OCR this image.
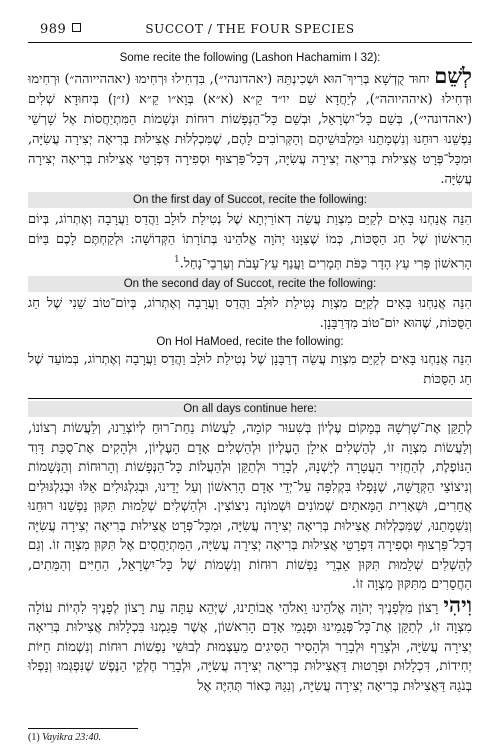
989	SUCCOT / THE FOUR SPECIES
Some recite the following (Lashon Hachamim I 32):

לְשֵׁם יִחוּד קֻדְשָׁא בְּרִיךְ־הוּא וּשְׁכִינְתֵּהּ (יאהדונהי״), בִּדְחִילוּ וּרְחִימוּ (יאההייוהה״) וּרְחִימוּ וּדְחִילוּ (איההיוהה״), לְיַחֲדָא שֵׁם יו״ד קֵ״א (א״א) בְּוָא״ו קֵ״א (ז״ן) בְּיִחוּדָא שְׁלִים (יאהדונהי״), בְּשֵׁם כָּל־יִשְׂרָאֵל, וּבְשֵׁם כָּל־הַנְּפָשׁוֹת רוּחוֹת וּנְשָׁמוֹת הַמִּתְיַחֲסוֹת אֶל שָׁרְשֵׁי נַפְשֵׁנוּ רוּחֵנוּ וְנִשְׁמָתֵנוּ וּמַלְבּוּשֵׁיהֶם וְהַקְּרוֹבִים לָהֶם, שֶׁמִּכְלְלוּת אֲצִילוּת בְּרִיאָה יְצִירָה עֲשִׂיָּה, וּמִכָּל־פְּרָט אֲצִילוּת בְּרִיאָה יְצִירָה עֲשִׂיָּה, דְּכָל־פַּרְצוּף וּסְפִירָה דִּפְרָטֵי אֲצִילוּת בְּרִיאָה יְצִירָה עֲשִׂיָּה.

On the first day of Succot, recite the following:

הִנֵּה אֲנַחְנוּ בָּאִים לְקַיֵּם מִצְוַת עֲשֵׂה דְאוֹרַיְתָא שֶׁל נְטִילַת לוּלָב וַהֲדַס וַעֲרָבָה וְאֶתְרוֹג, בְּיוֹם הָרִאשׁוֹן שֶׁל חַג הַסֻּכּוֹת, כְּמוֹ שֶׁצִּוָּנוּ יְהֹוָה אֱלֹהֵינוּ בְּתוֹרָתוֹ הַקְּדוֹשָׁה: וּלְקַחְתֶּם לָכֶם בַּיּוֹם הָרִאשׁוֹן פְּרִי עֵץ הָדָר כַּפֹּת תְּמָרִים וַעֲנַף עֵץ־עָבֹת וְעַרְבֵי־נָחַל.$^1$

On the second day of Succot, recite the following:

הִנֵּה אֲנַחְנוּ בָּאִים לְקַיֵּם מִצְוַת נְטִילַת לוּלָב וַהֲדַס וַעֲרָבָה וְאֶתְרוֹג, בְּיוֹם־טוֹב שֵׁנִי שֶׁל חַג הַסֻּכּוֹת, שֶׁהוּא יוֹם־טוֹב מִדְּרַבָּנָן.

On Hol HaMoed, recite the following:

הִנֵּה אֲנַחְנוּ בָּאִים לְקַיֵּם מִצְוַת עֲשֵׂה דְרַבָּנָן שֶׁל נְטִילַת לוּלָב וַהֲדַס וַעֲרָבָה וְאֶתְרוֹג, בְּמוֹעֵד שֶׁל חַג הַסֻּכּוֹת

On all days continue here:

לְתַקֵּן אֶת־שָׁרְשָׁהּ בְּמָקוֹם עֶלְיוֹן בְּשִׁעוּר קוֹמָה, לַעֲשׂוֹת נַחַת־רוּחַ לְיוֹצְרֵנוּ, וְלַעֲשׂוֹת רְצוֹנוֹ, וְלַעֲשׂוֹת מִצְוָה זוֹ, לְהַשְׁלִים אִילָן הָעֶלְיוֹן וּלְהַשְׁלִים אָדָם הָעֶלְיוֹן, וּלְהָקִים אֶת־סֻכַּת דָּוִד הַנּוֹפֶלֶת, לְהַחֲזִיר הָעֲטָרָה לְיָשְׁנָהּ, לְבָרֵר וּלְתַקֵּן וּלְהַעֲלוֹת כָּל־הַנְּפָשׁוֹת וְהָרוּחוֹת וְהַנְּשָׁמוֹת וְנִיצוֹצֵי הַקְּדֻשָּׁה, שֶׁנָּפְלוּ בִּקְלִפָּה עַל־יְדֵי אָדָם הָרִאשׁוֹן וְעַל יָדֵינוּ, וּבְגִלְגּוּלִים אֵלּוּ וּבְגִלְגּוּלִים אֲחֵרִים, וּשְׁאָרִית הַמָּאתַיִם שְׁמוֹנִים וּשְׁמוֹנָה נִיצוֹצִין. וּלְהַשְׁלִים שְׁלֵמוּת תִּקּוּן נַפְשֵׁנוּ רוּחֵנוּ וְנִשְׁמָתֵנוּ, שֶׁמִּכְּלְלוּת אֲצִילוּת בְּרִיאָה יְצִירָה עֲשִׂיָּה, וּמִכָּל־פְּרָט אֲצִילוּת בְּרִיאָה יְצִירָה עֲשִׂיָּה דְּכָל־פַּרְצוּף וּסְפִירָה דִּפְרָטֵי אֲצִילוּת בְּרִיאָה יְצִירָה עֲשִׂיָּה, הַמִּתְיַחֲסִים אֶל תִּקּוּן מִצְוָה זוֹ. וְגַם לְהַשְׁלִים שְׁלֵמוּת תִּקּוּן אֵבְרֵי נַפְשׁוֹת רוּחוֹת וְנִשְׁמוֹת שֶׁל כָּל־יִשְׂרָאֵל, הַחַיִּים וְהַמֵּתִים, הַחֲסֵרִים מִתִּקּוּן מִצְוָה זוֹ.

וִיהִי רָצוֹן מִלְּפָנֶיךָ יְהֹוָה אֱלֹהֵינוּ וֵאלֹהֵי אֲבוֹתֵינוּ, שֶׁיְּהֵא עַתָּה עֵת רָצוֹן לְפָנֶיךָ לִהְיוֹת עוֹלָה מִצְוָה זוֹ, לְתַקֵּן אֶת־כָּל־פְּגָמֵינוּ וּפְגָמֵי אָדָם הָרִאשׁוֹן, אֲשֶׁר פָּגַמְנוּ בִּכְלָלוּת אֲצִילוּת בְּרִיאָה יְצִירָה עֲשִׂיָּה, וּלְצָרֵף וּלְבָרֵר וּלְהָסִיר הַסִּיגִים מֵעַצְמוּת לְבוּשֵׁי נַפְשׁוֹת רוּחוֹת וְנִשְׁמוֹת חַיּוֹת יְחִידוֹת, דִּכְלָלוּת וּפְרָטוּת דַּאֲצִילוּת בְּרִיאָה יְצִירָה עֲשִׂיָּה, וּלְבָרֵר חֶלְקֵי הַנֶּפֶשׁ שֶׁנִּפְגְּמוּ וְנָפְלוּ בְּנֹגַהּ דַּאֲצִילוּת בְּרִיאָה יְצִירָה עֲשִׂיָּה, וְנִגַּהּ כְּאוֹר תְּהִיֶּה אֶל

(1) Vayikra 23:40.
